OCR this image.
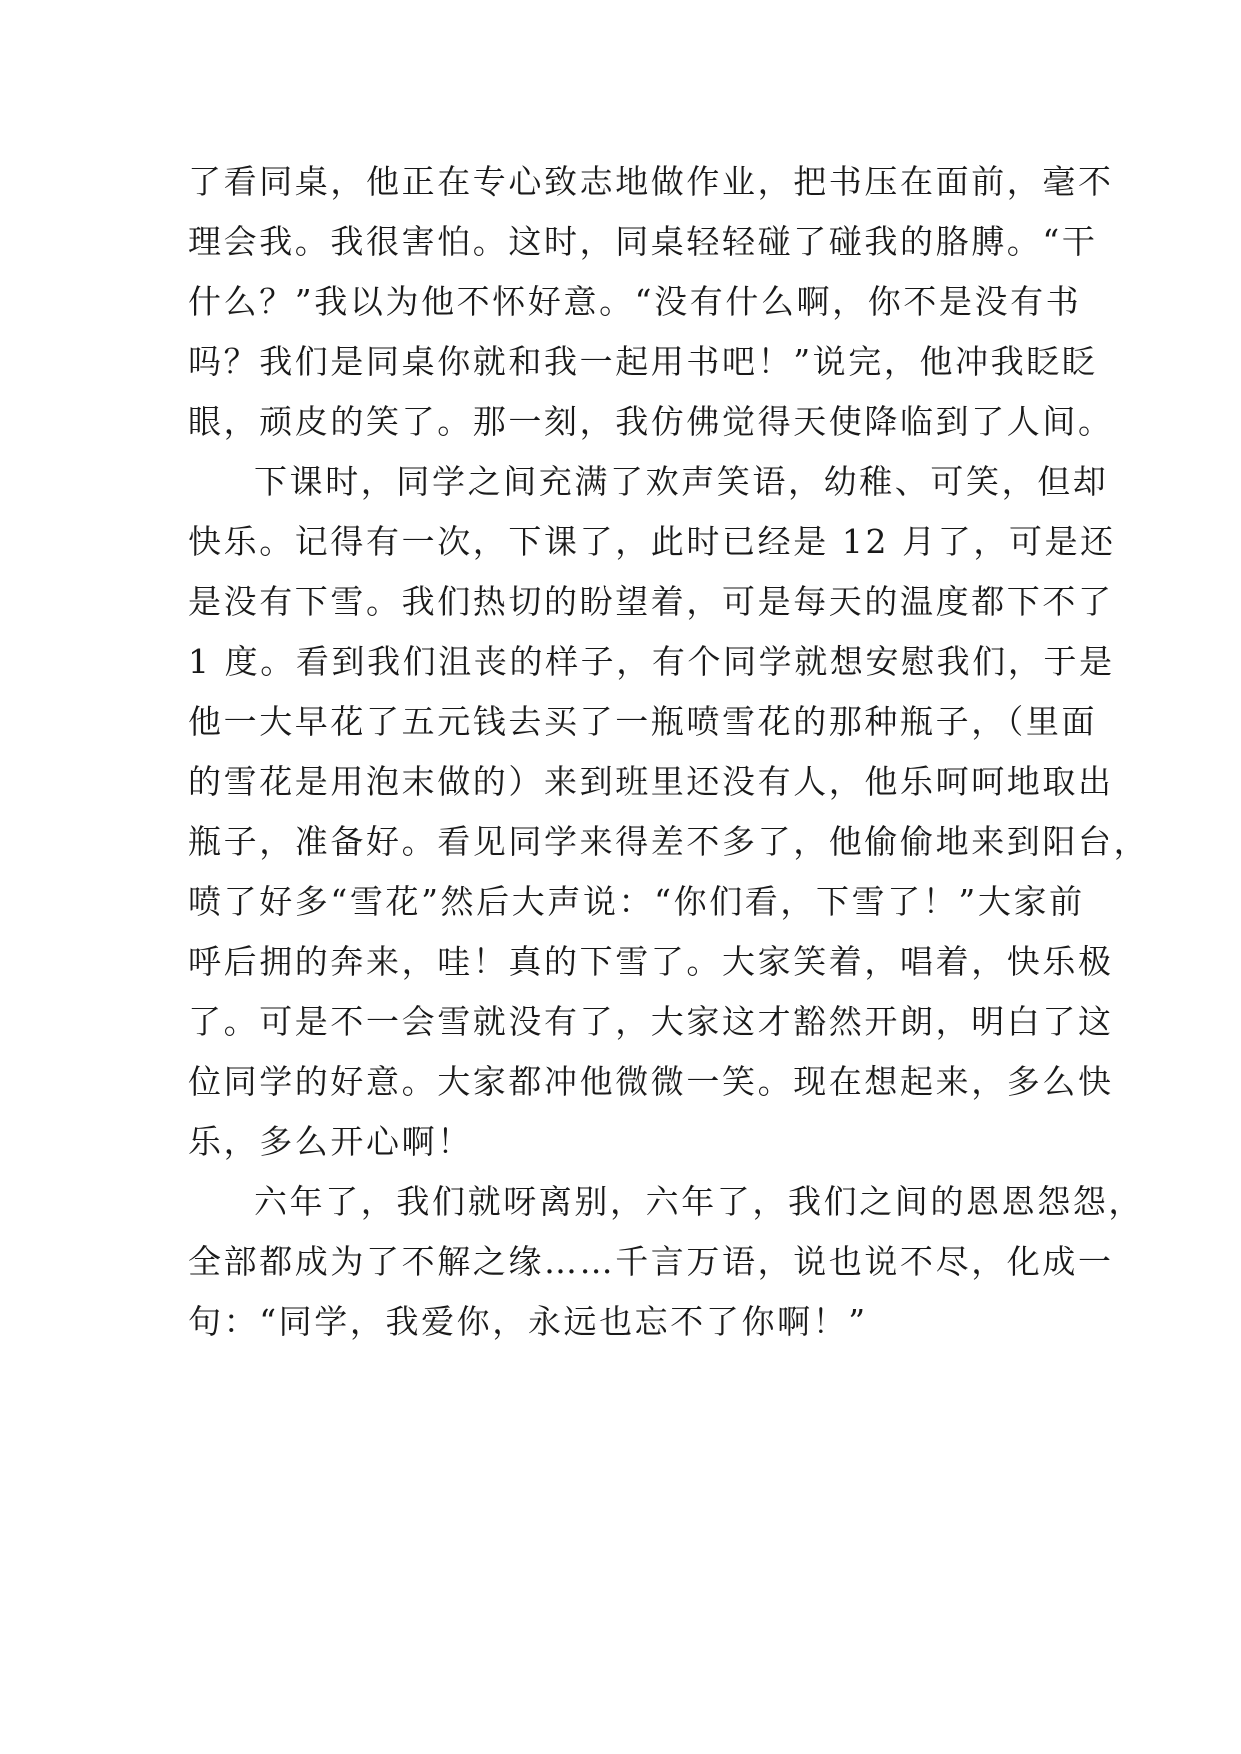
了看同桌，他正在专心致志地做作业，把书压在面前，毫不
理会我。我很害怕。这时，同桌轻轻碰了碰我的胳膊。“干
什么？”我以为他不怀好意。“没有什么啊，你不是没有书
吗？我们是同桌你就和我一起用书吧！”说完，他冲我眨眨
眼，顽皮的笑了。那一刻，我仿佛觉得天使降临到了人间。
下课时，同学之间充满了欢声笑语，幼稚、可笑，但却
快乐。记得有一次，下课了，此时已经是 12 月了，可是还
是没有下雪。我们热切的盼望着，可是每天的温度都下不了
1 度。看到我们沮丧的样子，有个同学就想安慰我们，于是
他一大早花了五元钱去买了一瓶喷雪花的那种瓶子，（里面
的雪花是用泡末做的）来到班里还没有人，他乐呵呵地取出
瓶子，准备好。看见同学来得差不多了，他偷偷地来到阳台，
喷了好多“雪花”然后大声说：“你们看，下雪了！”大家前
呼后拥的奔来，哇！真的下雪了。大家笑着，唱着，快乐极
了。可是不一会雪就没有了，大家这才豁然开朗，明白了这
位同学的好意。大家都冲他微微一笑。现在想起来，多么快
乐，多么开心啊！
六年了，我们就呀离别，六年了，我们之间的恩恩怨怨，
全部都成为了不解之缘……千言万语，说也说不尽，化成一
句：“同学，我爱你，永远也忘不了你啊！”
